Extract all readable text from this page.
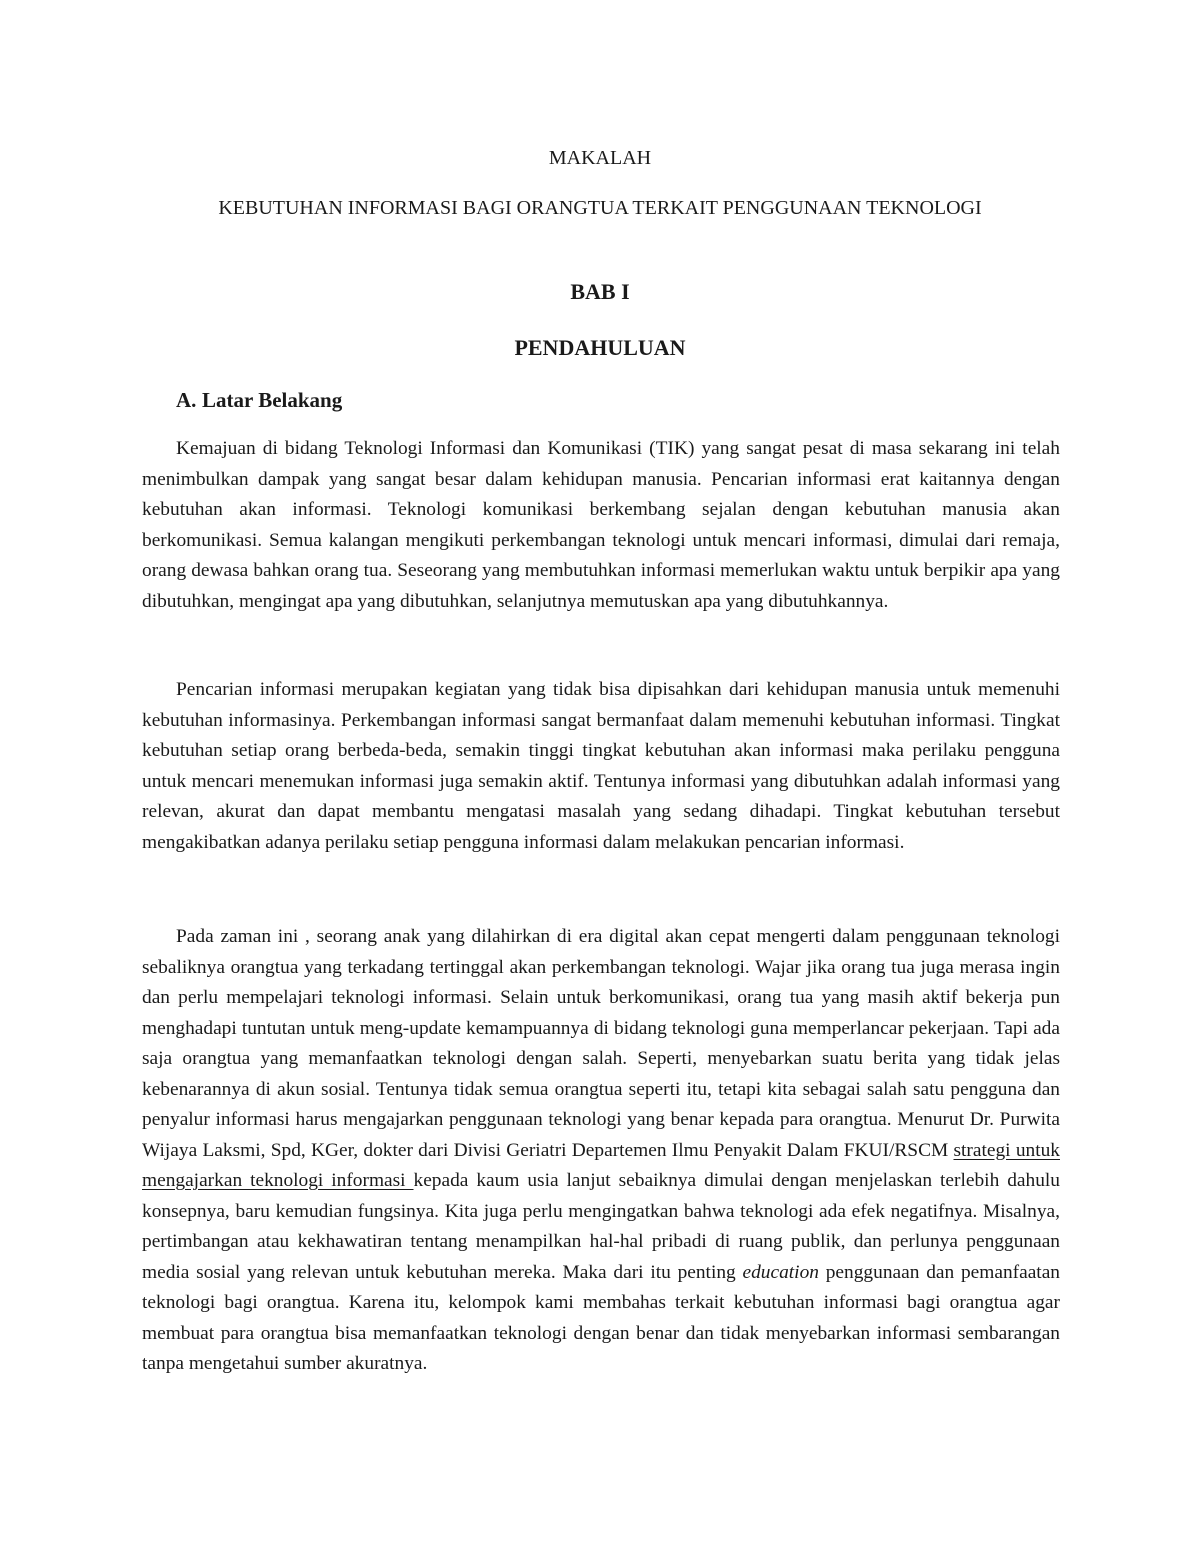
MAKALAH
KEBUTUHAN INFORMASI BAGI ORANGTUA TERKAIT PENGGUNAAN TEKNOLOGI
BAB I
PENDAHULUAN
A. Latar Belakang

Kemajuan di bidang Teknologi Informasi dan Komunikasi (TIK) yang sangat pesat di masa sekarang ini telah menimbulkan dampak yang sangat besar dalam kehidupan manusia. Pencarian informasi erat kaitannya dengan kebutuhan akan informasi. Teknologi komunikasi berkembang sejalan dengan kebutuhan manusia akan berkomunikasi. Semua kalangan mengikuti perkembangan teknologi untuk mencari informasi, dimulai dari remaja, orang dewasa bahkan orang tua. Seseorang yang membutuhkan informasi memerlukan waktu untuk berpikir apa yang dibutuhkan, mengingat apa yang dibutuhkan, selanjutnya memutuskan apa yang dibutuhkannya.

Pencarian informasi merupakan kegiatan yang tidak bisa dipisahkan dari kehidupan manusia untuk memenuhi kebutuhan informasinya. Perkembangan informasi sangat bermanfaat dalam memenuhi kebutuhan informasi. Tingkat kebutuhan setiap orang berbeda-beda, semakin tinggi tingkat kebutuhan akan informasi maka perilaku pengguna untuk mencari menemukan informasi juga semakin aktif. Tentunya informasi yang dibutuhkan adalah informasi yang relevan, akurat dan dapat membantu mengatasi masalah yang sedang dihadapi. Tingkat kebutuhan tersebut mengakibatkan adanya perilaku setiap pengguna informasi dalam melakukan pencarian informasi.

Pada zaman ini , seorang anak yang dilahirkan di era digital akan cepat mengerti dalam penggunaan teknologi sebaliknya orangtua yang terkadang tertinggal akan perkembangan teknologi. Wajar jika orang tua juga merasa ingin dan perlu mempelajari teknologi informasi. Selain untuk berkomunikasi, orang tua yang masih aktif bekerja pun menghadapi tuntutan untuk meng-update kemampuannya di bidang teknologi guna memperlancar pekerjaan. Tapi ada saja orangtua yang memanfaatkan teknologi dengan salah. Seperti, menyebarkan suatu berita yang tidak jelas kebenarannya di akun sosial. Tentunya tidak semua orangtua seperti itu, tetapi kita sebagai salah satu pengguna dan penyalur informasi harus mengajarkan penggunaan teknologi yang benar kepada para orangtua. Menurut Dr. Purwita Wijaya Laksmi, Spd, KGer, dokter dari Divisi Geriatri Departemen Ilmu Penyakit Dalam FKUI/RSCM strategi untuk mengajarkan teknologi informasi kepada kaum usia lanjut sebaiknya dimulai dengan menjelaskan terlebih dahulu konsepnya, baru kemudian fungsinya. Kita juga perlu mengingatkan bahwa teknologi ada efek negatifnya. Misalnya, pertimbangan atau kekhawatiran tentang menampilkan hal-hal pribadi di ruang publik, dan perlunya penggunaan media sosial yang relevan untuk kebutuhan mereka. Maka dari itu penting education penggunaan dan pemanfaatan teknologi bagi orangtua. Karena itu, kelompok kami membahas terkait kebutuhan informasi bagi orangtua agar membuat para orangtua bisa memanfaatkan teknologi dengan benar dan tidak menyebarkan informasi sembarangan tanpa mengetahui sumber akuratnya.
